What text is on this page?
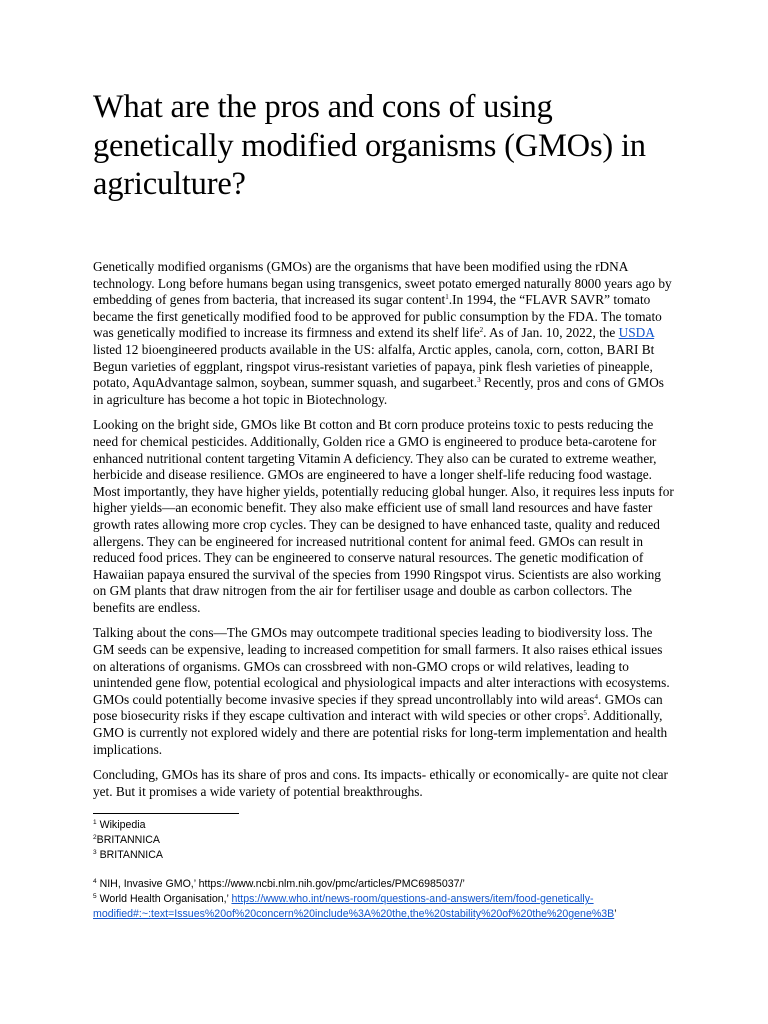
What are the pros and cons of using genetically modified organisms (GMOs) in agriculture?

Genetically modified organisms (GMOs) are the organisms that have been modified using the rDNA technology. Long before humans began using transgenics, sweet potato emerged naturally 8000 years ago by embedding of genes from bacteria, that increased its sugar content$^1$.In 1994, the “FLAVR SAVR” tomato became the first genetically modified food to be approved for public consumption by the FDA. The tomato was genetically modified to increase its firmness and extend its shelf life$^2$. As of Jan. 10, 2022, the USDA listed 12 bioengineered products available in the US: alfalfa, Arctic apples, canola, corn, cotton, BARI Bt Begun varieties of eggplant, ringspot virus-resistant varieties of papaya, pink flesh varieties of pineapple, potato, AquAdvantage salmon, soybean, summer squash, and sugarbeet.$^3$ Recently, pros and cons of GMOs in agriculture has become a hot topic in Biotechnology.

Looking on the bright side, GMOs like Bt cotton and Bt corn produce proteins toxic to pests reducing the need for chemical pesticides. Additionally, Golden rice a GMO is engineered to produce beta-carotene for enhanced nutritional content targeting Vitamin A deficiency. They also can be curated to extreme weather, herbicide and disease resilience. GMOs are engineered to have a longer shelf-life reducing food wastage. Most importantly, they have higher yields, potentially reducing global hunger. Also, it requires less inputs for higher yields—an economic benefit. They also make efficient use of small land resources and have faster growth rates allowing more crop cycles. They can be designed to have enhanced taste, quality and reduced allergens. They can be engineered for increased nutritional content for animal feed. GMOs can result in reduced food prices. They can be engineered to conserve natural resources. The genetic modification of Hawaiian papaya ensured the survival of the species from 1990 Ringspot virus. Scientists are also working on GM plants that draw nitrogen from the air for fertiliser usage and double as carbon collectors. The benefits are endless.

Talking about the cons—The GMOs may outcompete traditional species leading to biodiversity loss. The GM seeds can be expensive, leading to increased competition for small farmers. It also raises ethical issues on alterations of organisms. GMOs can crossbreed with non-GMO crops or wild relatives, leading to unintended gene flow, potential ecological and physiological impacts and alter interactions with ecosystems. GMOs could potentially become invasive species if they spread uncontrollably into wild areas$^4$. GMOs can pose biosecurity risks if they escape cultivation and interact with wild species or other crops$^5$. Additionally, GMO is currently not explored widely and there are potential risks for long-term implementation and health implications.

Concluding, GMOs has its share of pros and cons. Its impacts- ethically or economically- are quite not clear yet. But it promises a wide variety of potential breakthroughs.

$^1$ Wikipedia
$^2$BRITANNICA
$^3$ BRITANNICA
$^4$ NIH, Invasive GMO,’ https://www.ncbi.nlm.nih.gov/pmc/articles/PMC6985037/’
$^5$ World Health Organisation,’ https://www.who.int/news-room/questions-and-answers/item/food-genetically-
modified#:~:text=Issues%20of%20concern%20include%3A%20the,the%20stability%20of%20the%20gene%3B’
